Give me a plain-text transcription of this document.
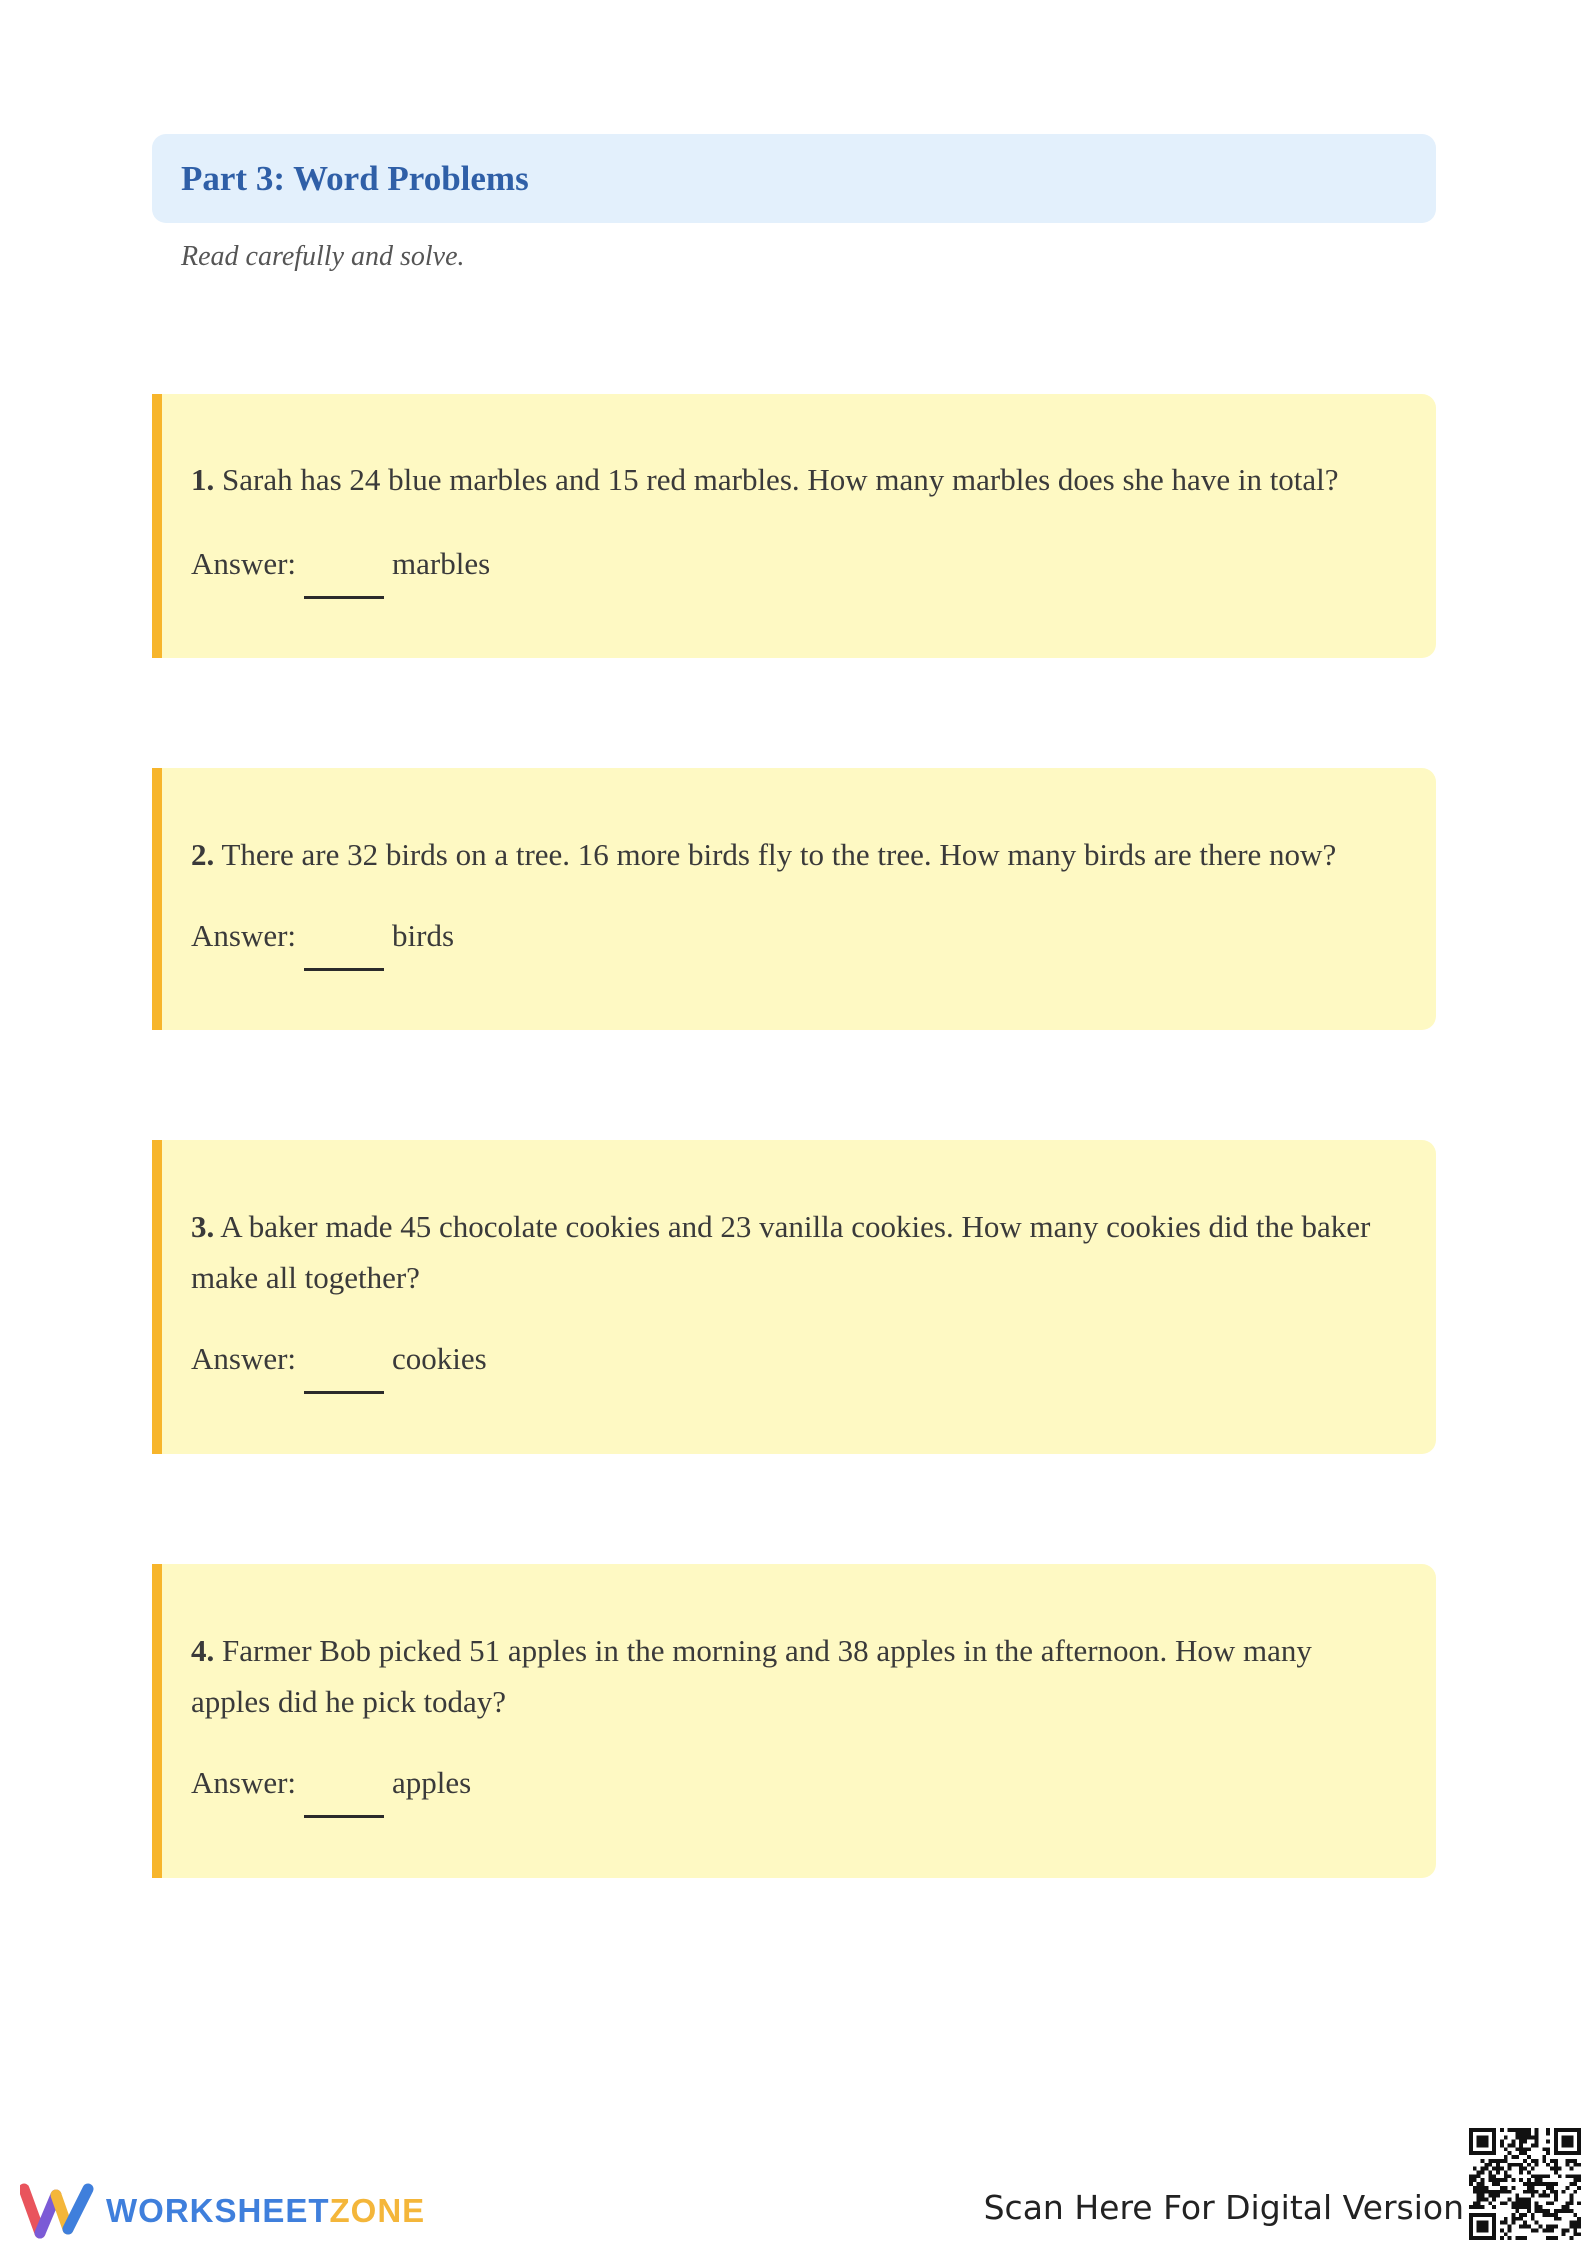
Part 3: Word Problems
Read carefully and solve.
1. Sarah has 24 blue marbles and 15 red marbles. How many marbles does she have in total?
Answer:	marbles
2. There are 32 birds on a tree. 16 more birds fly to the tree. How many birds are there now?
Answer:	birds
3. A baker made 45 chocolate cookies and 23 vanilla cookies. How many cookies did the baker make all together?
Answer:	cookies
4. Farmer Bob picked 51 apples in the morning and 38 apples in the afternoon. How many apples did he pick today?
Answer:	apples
WORKSHEETZONE	Scan Here For Digital Version
